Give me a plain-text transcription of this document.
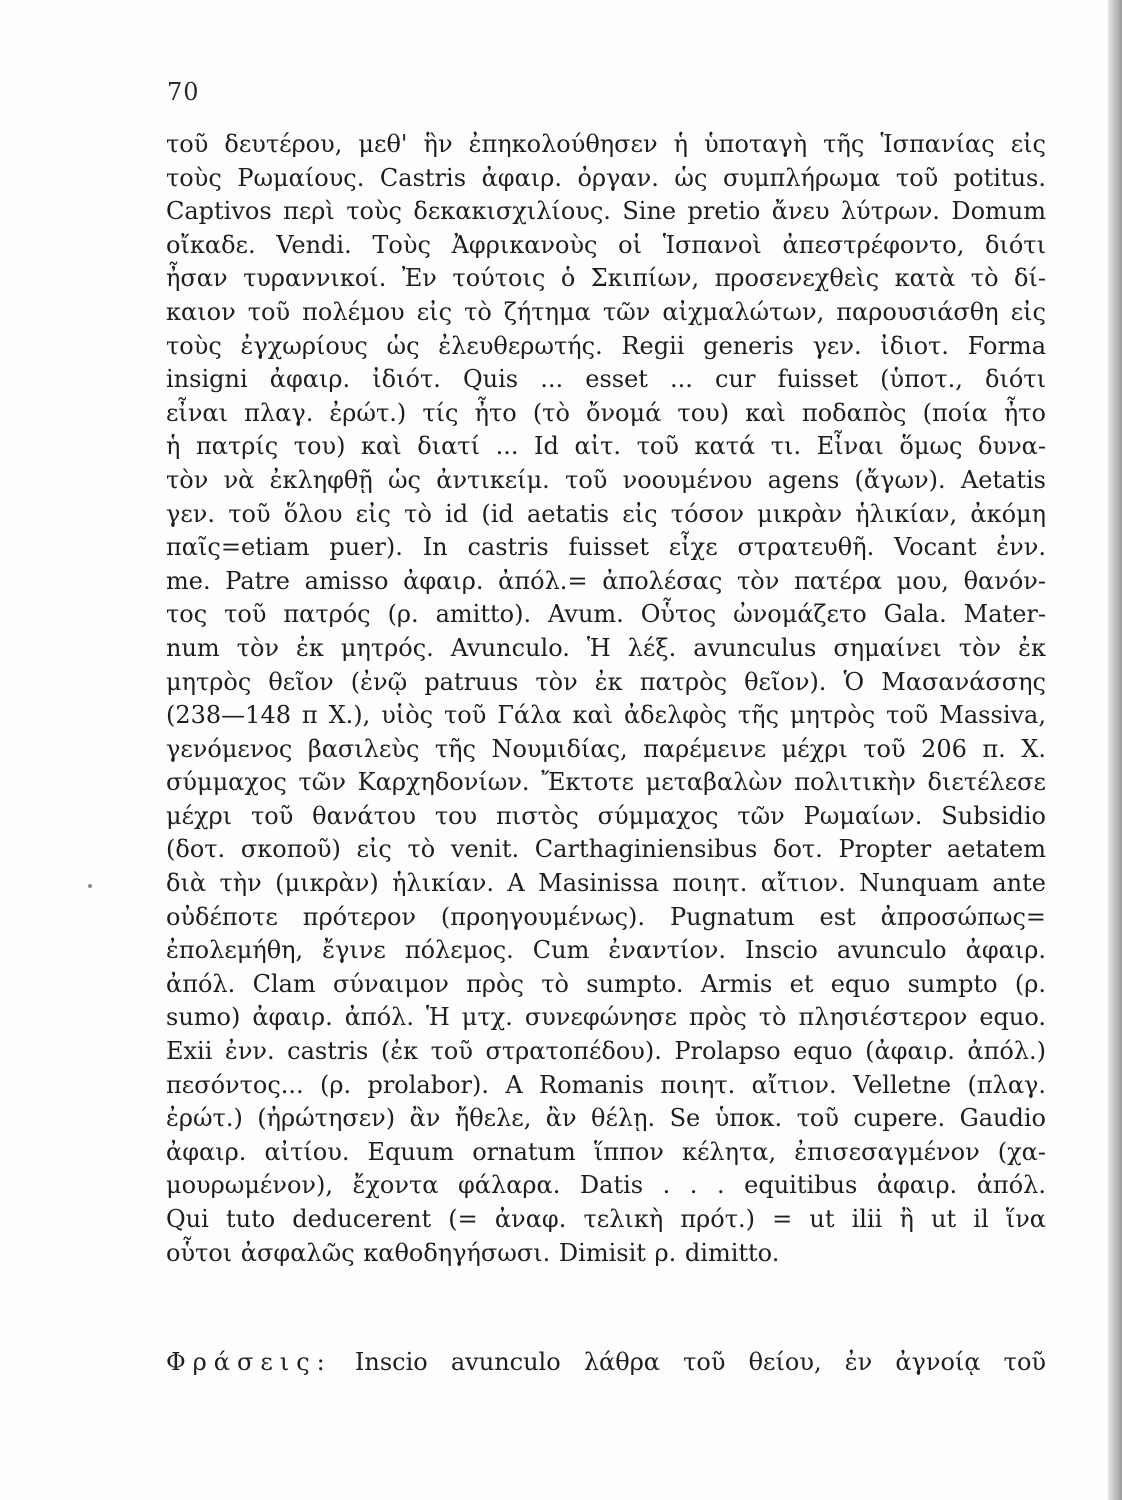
70
τοῦ δευτέρου, μεθ' ἣν ἐπηκολούθησεν ἡ ὑποταγὴ τῆς Ἱσπανίας εἰς
τοὺς Ρωμαίους. Castris ἀφαιρ. ὀργαν. ὡς συμπλήρωμα τοῦ potitus.
Captivos περὶ τοὺς δεκακισχιλίους. Sine pretio ἄνευ λύτρων. Domum
οἴκαδε. Vendi. Τοὺς Ἀφρικανοὺς οἱ Ἱσπανοὶ ἀπεστρέφοντο, διότι
ἦσαν τυραννικοί. Ἐν τούτοις ὁ Σκιπίων, προσενεχθεὶς κατὰ τὸ δί-
καιον τοῦ πολέμου εἰς τὸ ζήτημα τῶν αἰχμαλώτων, παρουσιάσθη εἰς
τοὺς ἐγχωρίους ὡς ἐλευθερωτής. Regii generis γεν. ἰδιοτ. Forma
insigni ἀφαιρ. ἰδιότ. Quis ... esset ... cur fuisset (ὑποτ., διότι
εἶναι πλαγ. ἐρώτ.) τίς ἦτο (τὸ ὄνομά του) καὶ ποδαπὸς (ποία ἦτο
ἡ πατρίς του) καὶ διατί ... Id αἰτ. τοῦ κατά τι. Εἶναι ὅμως δυνα-
τὸν νὰ ἐκληφθῇ ὡς ἀντικείμ. τοῦ νοουμένου agens (ἄγων). Aetatis
γεν. τοῦ ὅλου εἰς τὸ id (id aetatis εἰς τόσον μικρὰν ἡλικίαν, ἀκόμη
παῖς=etiam puer). In castris fuisset εἶχε στρατευθῆ. Vocant ἐνν.
me. Patre amisso ἀφαιρ. ἀπόλ.= ἀπολέσας τὸν πατέρα μου, θανόν-
τος τοῦ πατρός (ρ. amitto). Avum. Οὗτος ὠνομάζετο Gala. Mater-
num τὸν ἐκ μητρός. Avunculo. Ἡ λέξ. avunculus σημαίνει τὸν ἐκ
μητρὸς θεῖον (ἐνῷ patruus τὸν ἐκ πατρὸς θεῖον). Ὁ Μασανάσσης
(238—148 π Χ.), υἱὸς τοῦ Γάλα καὶ ἀδελφὸς τῆς μητρὸς τοῦ Massiva,
γενόμενος βασιλεὺς τῆς Νουμιδίας, παρέμεινε μέχρι τοῦ 206 π. Χ.
σύμμαχος τῶν Καρχηδονίων. Ἔκτοτε μεταβαλὼν πολιτικὴν διετέλεσε
μέχρι τοῦ θανάτου του πιστὸς σύμμαχος τῶν Ρωμαίων. Subsidio
(δοτ. σκοποῦ) εἰς τὸ venit. Carthaginiensibus δοτ. Propter aetatem
διὰ τὴν (μικρὰν) ἡλικίαν. A Masinissa ποιητ. αἴτιον. Nunquam ante
οὐδέποτε πρότερον (προηγουμένως). Pugnatum est ἀπροσώπως=
ἐπολεμήθη, ἔγινε πόλεμος. Cum ἐναντίον. Inscio avunculo ἀφαιρ.
ἀπόλ. Clam σύναιμον πρὸς τὸ sumpto. Armis et equo sumpto (ρ.
sumo) ἀφαιρ. ἀπόλ. Ἡ μτχ. συνεφώνησε πρὸς τὸ πλησιέστερον equo.
Exii ἐνν. castris (ἐκ τοῦ στρατοπέδου). Prolapso equo (ἀφαιρ. ἀπόλ.)
πεσόντος... (ρ. prolabor). A Romanis ποιητ. αἴτιον. Velletne (πλαγ.
ἐρώτ.) (ἠρώτησεν) ἂν ἤθελε, ἂν θέλῃ. Se ὑποκ. τοῦ cupere. Gaudio
ἀφαιρ. αἰτίου. Equum ornatum ἵππον κέλητα, ἐπισεσαγμένον (χα-
μουρωμένον), ἔχοντα φάλαρα. Datis . . . equitibus ἀφαιρ. ἀπόλ.
Qui tuto deducerent (= ἀναφ. τελικὴ πρότ.) = ut ilii ἢ ut il ἵνα
οὗτοι ἀσφαλῶς καθοδηγήσωσι. Dimisit ρ. dimitto.
Φράσεις: Inscio avunculo λάθρα τοῦ θείου, ἐν ἀγνοίᾳ τοῦ
